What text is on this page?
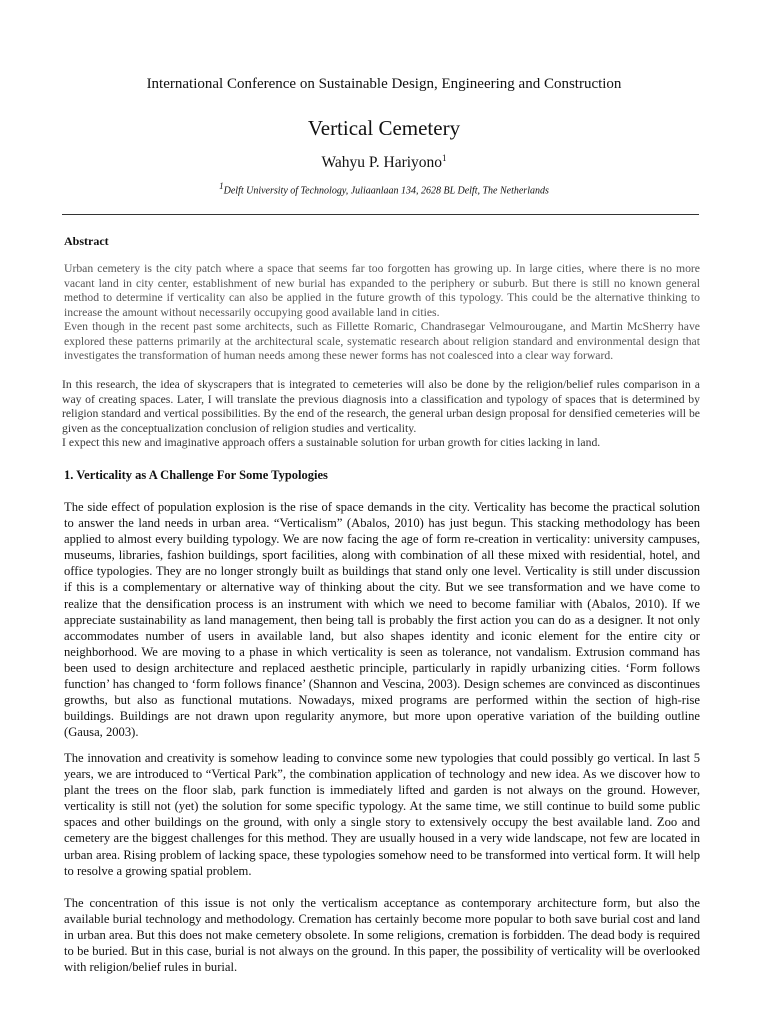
International Conference on Sustainable Design, Engineering and Construction
Vertical Cemetery
Wahyu P. Hariyono$^1$
$^1$Delft University of Technology, Juliaanlaan 134, 2628 BL Delft, The Netherlands
Abstract

Urban cemetery is the city patch where a space that seems far too forgotten has growing up. In large cities, where there is no more vacant land in city center, establishment of new burial has expanded to the periphery or suburb. But there is still no known general method to determine if verticality can also be applied in the future growth of this typology. This could be the alternative thinking to increase the amount without necessarily occupying good available land in cities.

Even though in the recent past some architects, such as Fillette Romaric, Chandrasegar Velmourougane, and Martin McSherry have explored these patterns primarily at the architectural scale, systematic research about religion standard and environmental design that investigates the transformation of human needs among these newer forms has not coalesced into a clear way forward.

In this research, the idea of skyscrapers that is integrated to cemeteries will also be done by the religion/belief rules comparison in a way of creating spaces. Later, I will translate the previous diagnosis into a classification and typology of spaces that is determined by religion standard and vertical possibilities. By the end of the research, the general urban design proposal for densified cemeteries will be given as the conceptualization conclusion of religion studies and verticality.

I expect this new and imaginative approach offers a sustainable solution for urban growth for cities lacking in land.

1. Verticality as A Challenge For Some Typologies

The side effect of population explosion is the rise of space demands in the city. Verticality has become the practical solution to answer the land needs in urban area. “Verticalism” (Abalos, 2010) has just begun. This stacking methodology has been applied to almost every building typology. We are now facing the age of form re-creation in verticality: university campuses, museums, libraries, fashion buildings, sport facilities, along with combination of all these mixed with residential, hotel, and office typologies. They are no longer strongly built as buildings that stand only one level. Verticality is still under discussion if this is a complementary or alternative way of thinking about the city. But we see transformation and we have come to realize that the densification process is an instrument with which we need to become familiar with (Abalos, 2010). If we appreciate sustainability as land management, then being tall is probably the first action you can do as a designer. It not only accommodates number of users in available land, but also shapes identity and iconic element for the entire city or neighborhood. We are moving to a phase in which verticality is seen as tolerance, not vandalism. Extrusion command has been used to design architecture and replaced aesthetic principle, particularly in rapidly urbanizing cities. ‘Form follows function’ has changed to ‘form follows finance’ (Shannon and Vescina, 2003). Design schemes are convinced as discontinues growths, but also as functional mutations. Nowadays, mixed programs are performed within the section of high-rise buildings. Buildings are not drawn upon regularity anymore, but more upon operative variation of the building outline (Gausa, 2003).

The innovation and creativity is somehow leading to convince some new typologies that could possibly go vertical. In last 5 years, we are introduced to “Vertical Park”, the combination application of technology and new idea. As we discover how to plant the trees on the floor slab, park function is immediately lifted and garden is not always on the ground. However, verticality is still not (yet) the solution for some specific typology. At the same time, we still continue to build some public spaces and other buildings on the ground, with only a single story to extensively occupy the best available land. Zoo and cemetery are the biggest challenges for this method. They are usually housed in a very wide landscape, not few are located in urban area. Rising problem of lacking space, these typologies somehow need to be transformed into vertical form. It will help to resolve a growing spatial problem.

The concentration of this issue is not only the verticalism acceptance as contemporary architecture form, but also the available burial technology and methodology. Cremation has certainly become more popular to both save burial cost and land in urban area. But this does not make cemetery obsolete. In some religions, cremation is forbidden. The dead body is required to be buried. But in this case, burial is not always on the ground. In this paper, the possibility of verticality will be overlooked with religion/belief rules in burial.
